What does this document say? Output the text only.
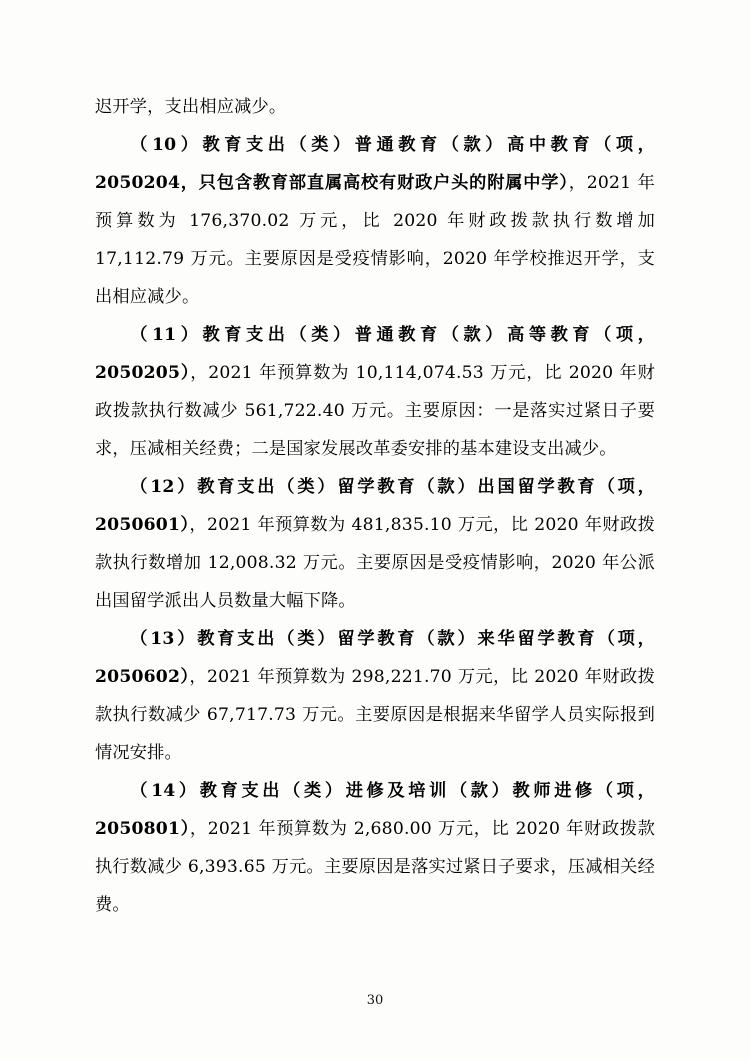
迟开学，支出相应减少。

（10）教育支出（类）普通教育（款）高中教育（项，2050204，只包含教育部直属高校有财政户头的附属中学），2021 年预算数为 176,370.02 万元，比 2020 年财政拨款执行数增加 17,112.79 万元。主要原因是受疫情影响，2020 年学校推迟开学，支出相应减少。

（11）教育支出（类）普通教育（款）高等教育（项，2050205），2021 年预算数为 10,114,074.53 万元，比 2020 年财政拨款执行数减少 561,722.40 万元。主要原因：一是落实过紧日子要求，压减相关经费；二是国家发展改革委安排的基本建设支出减少。

（12）教育支出（类）留学教育（款）出国留学教育（项，2050601），2021 年预算数为 481,835.10 万元，比 2020 年财政拨款执行数增加 12,008.32 万元。主要原因是受疫情影响，2020 年公派出国留学派出人员数量大幅下降。

（13）教育支出（类）留学教育（款）来华留学教育（项，2050602），2021 年预算数为 298,221.70 万元，比 2020 年财政拨款执行数减少 67,717.73 万元。主要原因是根据来华留学人员实际报到情况安排。

（14）教育支出（类）进修及培训（款）教师进修（项，2050801），2021 年预算数为 2,680.00 万元，比 2020 年财政拨款执行数减少 6,393.65 万元。主要原因是落实过紧日子要求，压减相关经费。

30
